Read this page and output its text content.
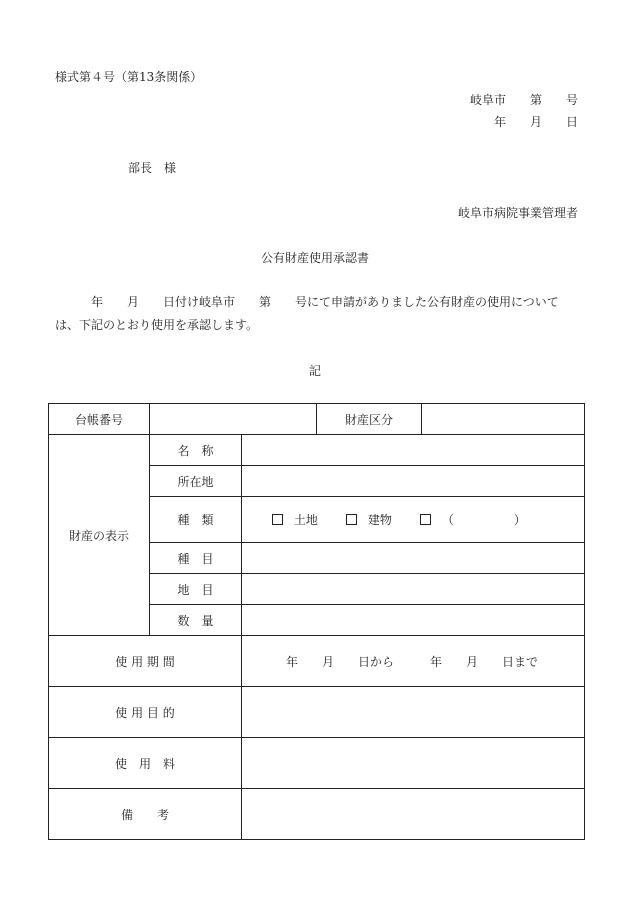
様式第４号（第13条関係）
岐阜市　　第　　号
年　　月　　日
部長　様
岐阜市病院事業管理者
公有財産使用承認書
年　　月　　日付け岐阜市　　第　　号にて申請がありました公有財産の使用について
は、下記のとおり使用を承認します。
記
台帳番号			財産区分	
財産の表示	名　称			
	所在地			
	種　類	土地 建物 （　　　　　）		

	種　目			
	地　目			
	数　量			
使 用 期 間		年　　月　　日から　　　年　　月　　日まで		
使 用 目 的				
使　用　料				
備　　考				
